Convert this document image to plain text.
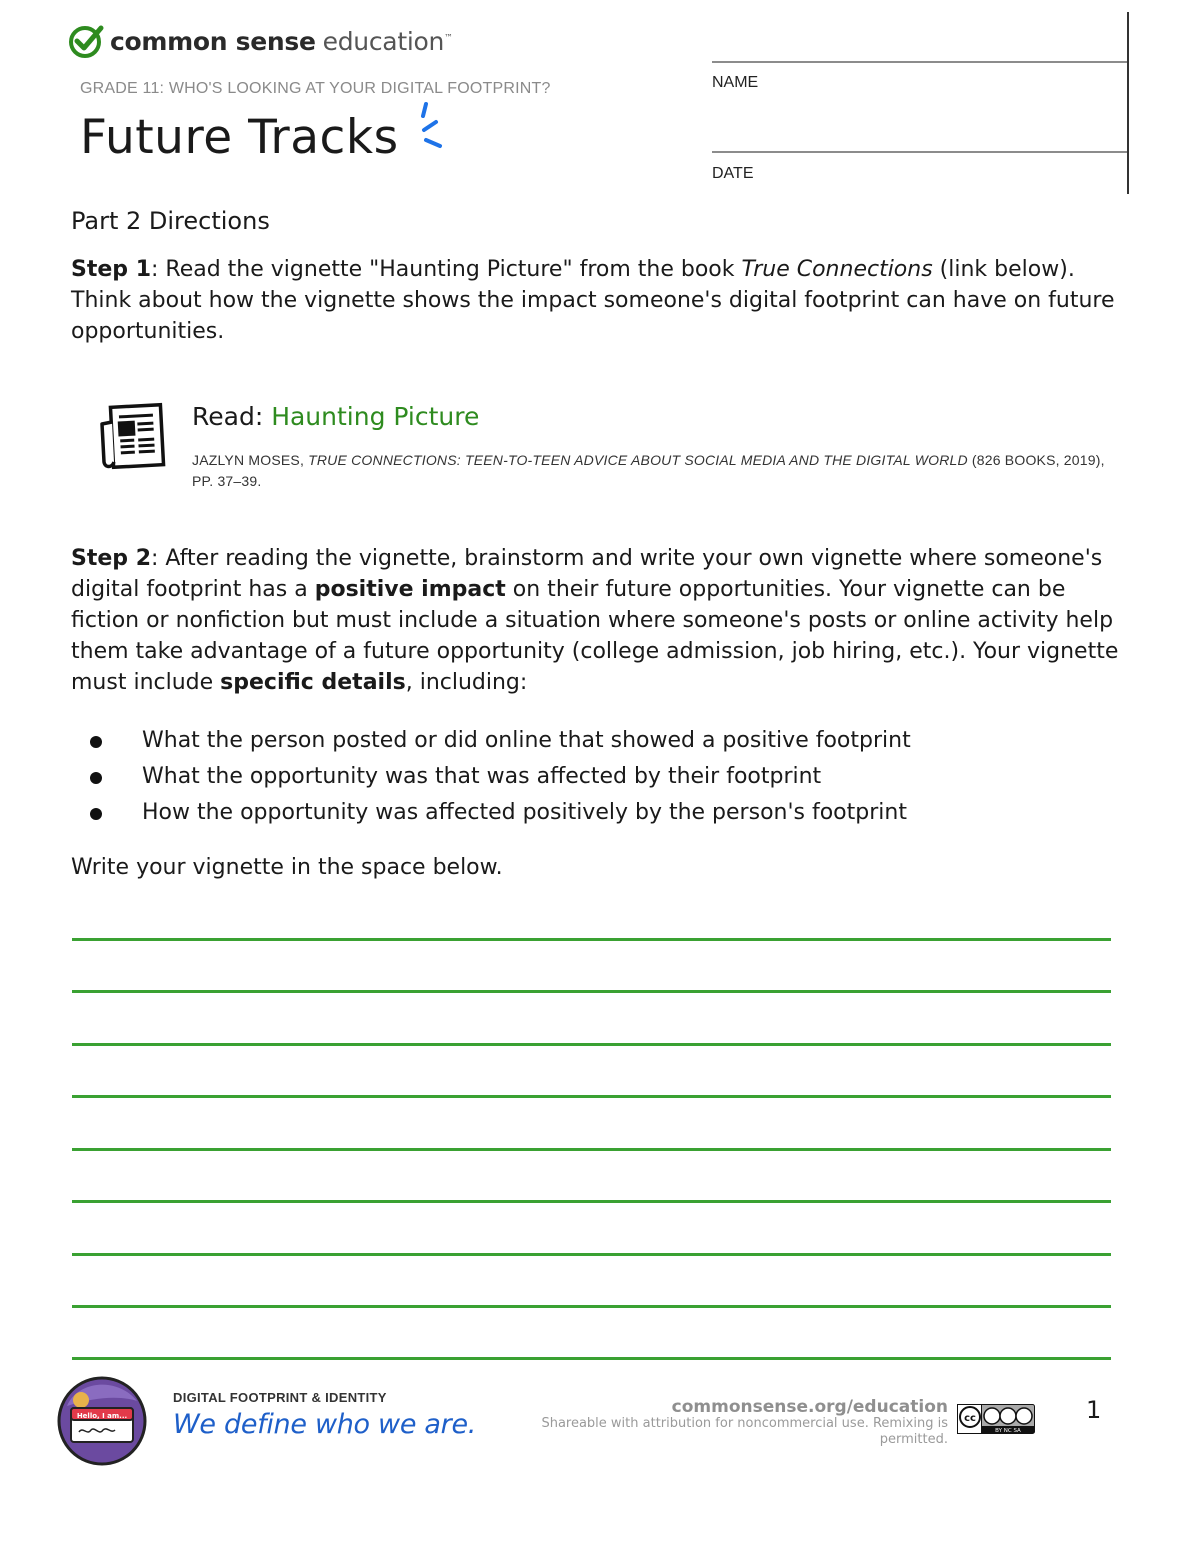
common sense education™
GRADE 11: WHO'S LOOKING AT YOUR DIGITAL FOOTPRINT?
Future Tracks
NAME
DATE
Part 2 Directions
Step 1: Read the vignette "Haunting Picture" from the book True Connections (link below). Think about how the vignette shows the impact someone's digital footprint can have on future opportunities.
Read: Haunting Picture
JAZLYN MOSES, TRUE CONNECTIONS: TEEN-TO-TEEN ADVICE ABOUT SOCIAL MEDIA AND THE DIGITAL WORLD (826 BOOKS, 2019), PP. 37–39.
Step 2: After reading the vignette, brainstorm and write your own vignette where someone's digital footprint has a positive impact on their future opportunities. Your vignette can be fiction or nonfiction but must include a situation where someone's posts or online activity help them take advantage of a future opportunity (college admission, job hiring, etc.). Your vignette must include specific details, including:
What the person posted or did online that showed a positive footprint
What the opportunity was that was affected by their footprint
How the opportunity was affected positively by the person's footprint
Write your vignette in the space below.
Hello, I am...
DIGITAL FOOTPRINT & IDENTITY
We define who we are.
commonsense.org/education
Shareable with attribution for noncommercial use. Remixing is permitted.
cc
BY NC SA
1
